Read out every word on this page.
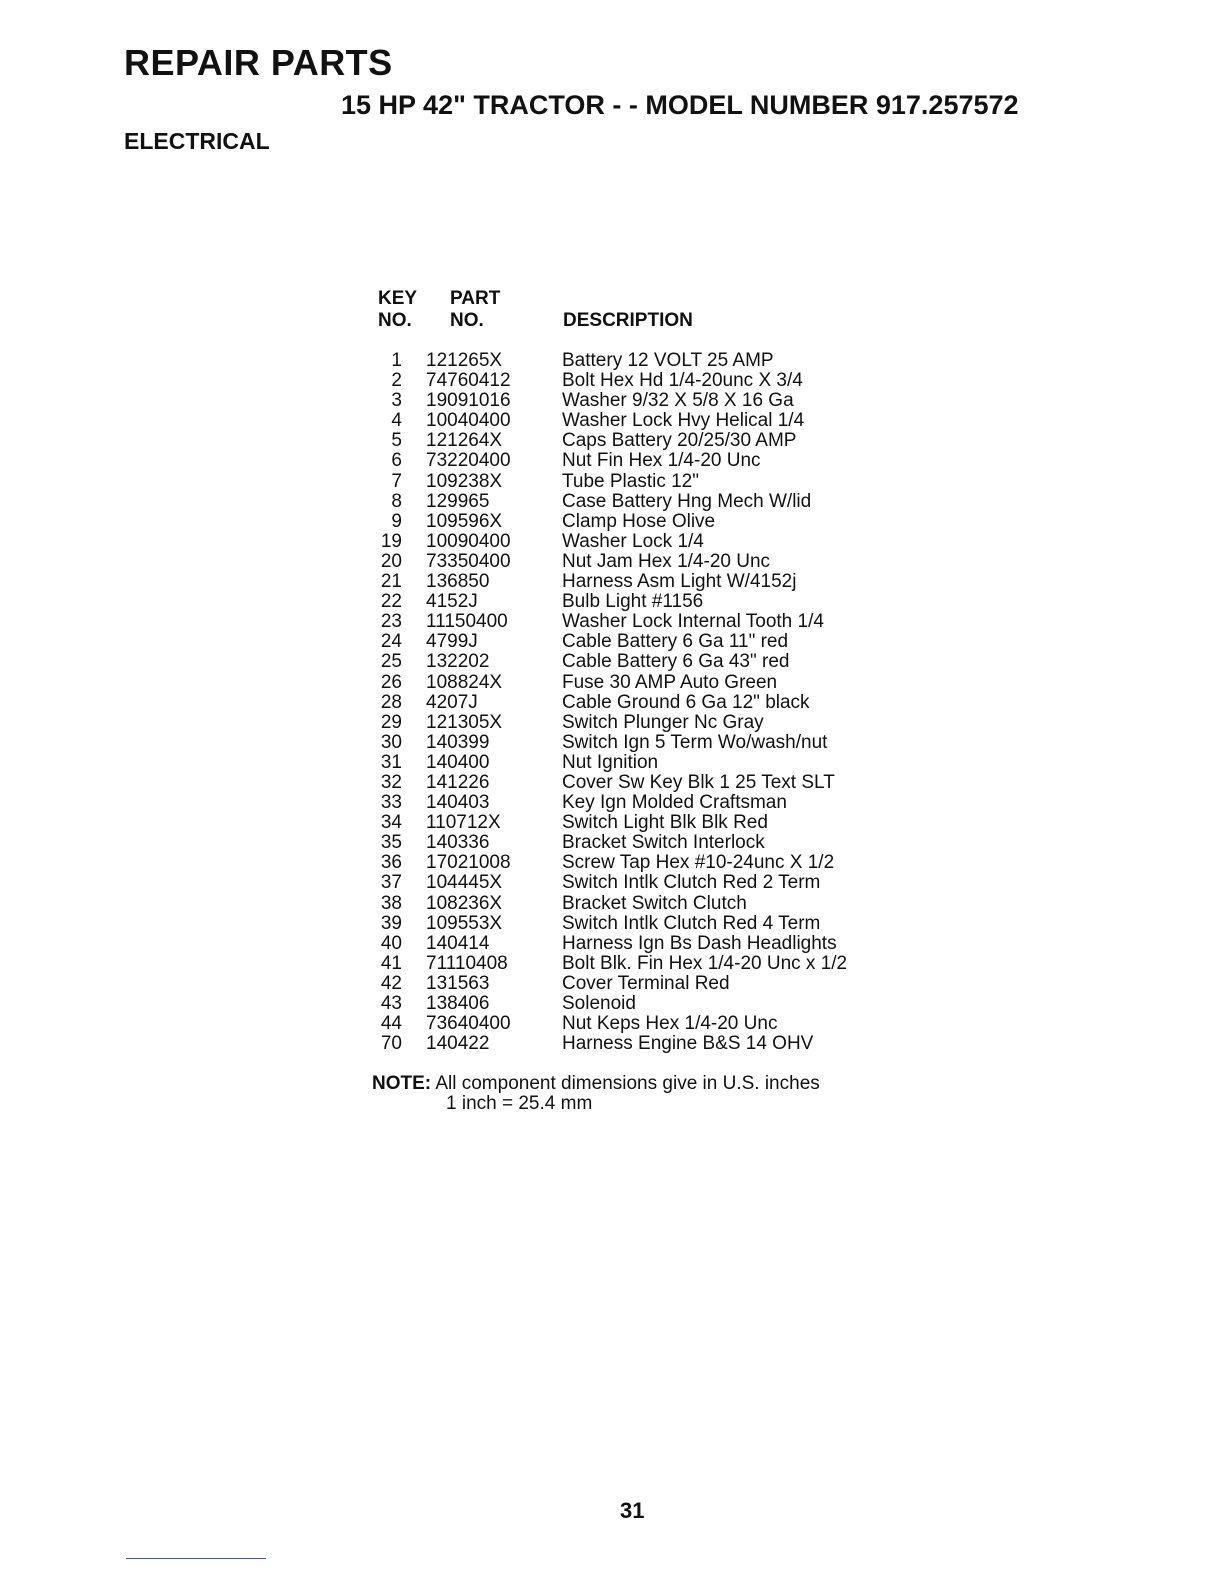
REPAIR PARTS
15 HP 42" TRACTOR - - MODEL NUMBER 917.257572
ELECTRICAL
KEY
NO.
PART
NO.	DESCRIPTION
1 121265X	Battery 12 VOLT 25 AMP
2 74760412	Bolt Hex Hd 1/4-20unc X 3/4
3 19091016	Washer 9/32 X 5/8 X 16 Ga
4 10040400	Washer Lock Hvy Helical 1/4
5 121264X	Caps Battery 20/25/30 AMP
6 73220400	Nut Fin Hex 1/4-20 Unc
7 109238X	Tube Plastic 12"
8 129965	Case Battery Hng Mech W/lid
9 109596X	Clamp Hose Olive
19 10090400	Washer Lock 1/4
20 73350400	Nut Jam Hex 1/4-20 Unc
21 136850	Harness Asm Light W/4152j
22 4152J	Bulb Light #1156
23 11150400	Washer Lock Internal Tooth 1/4
24 4799J	Cable Battery 6 Ga 11" red
25 132202	Cable Battery 6 Ga 43" red
26 108824X	Fuse 30 AMP Auto Green
28 4207J	Cable Ground 6 Ga 12" black
29 121305X	Switch Plunger Nc Gray
30 140399	Switch Ign 5 Term Wo/wash/nut
31 140400	Nut Ignition
32 141226	Cover Sw Key Blk 1 25 Text SLT
33 140403	Key Ign Molded Craftsman
34 110712X	Switch Light Blk Blk Red
35 140336	Bracket Switch Interlock
36 17021008	Screw Tap Hex #10-24unc X 1/2
37 104445X	Switch Intlk Clutch Red 2 Term
38 108236X	Bracket Switch Clutch
39 109553X	Switch Intlk Clutch Red 4 Term
40 140414	Harness Ign Bs Dash Headlights
41 71110408	Bolt Blk. Fin Hex 1/4-20 Unc x 1/2
42 131563	Cover Terminal Red
43 138406	Solenoid
44 73640400	Nut Keps Hex 1/4-20 Unc
70 140422	Harness Engine B&S 14 OHV
NOTE: All component dimensions give in U.S. inches
1 inch = 25.4 mm
31
